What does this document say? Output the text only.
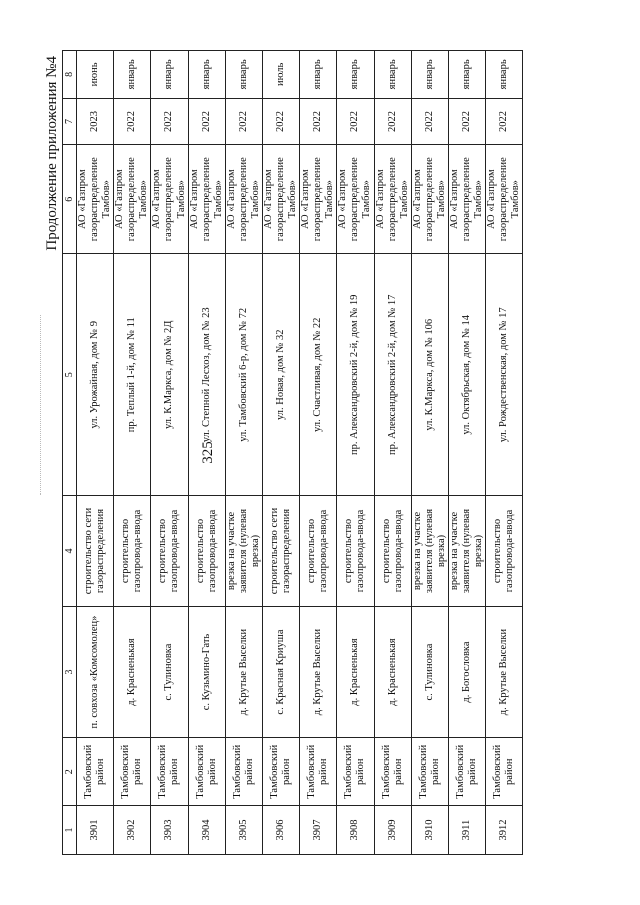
325
Продолжение приложения №4
1	2	3	4	5	6	7	8
3901	Тамбовский район	п. совхоза «Комсомолец»	строительство сети газораспределения	ул. Урожайная, дом № 9	АО «Газпром газораспределение Тамбов»	2023	июнь
3902	Тамбовский район	д. Красненькая	строительство газопровода-ввода	пр. Теплый 1-й, дом № 11	АО «Газпром газораспределение Тамбов»	2022	январь
3903	Тамбовский район	с. Тулиновка	строительство газопровода-ввода	ул. К.Маркса, дом № 2Д	АО «Газпром газораспределение Тамбов»	2022	январь
3904	Тамбовский район	с. Кузьмино-Гать	строительство газопровода-ввода	ул. Степной Лесхоз, дом № 23	АО «Газпром газораспределение Тамбов»	2022	январь
3905	Тамбовский район	д. Крутые Выселки	врезка на участке заявителя (нулевая врезка)	ул. Тамбовский 6-р, дом № 72	АО «Газпром газораспределение Тамбов»	2022	январь
3906	Тамбовский район	с. Красная Криуша	строительство сети газораспределения	ул. Новая, дом № 32	АО «Газпром газораспределение Тамбов»	2022	июль
3907	Тамбовский район	д. Крутые Выселки	строительство газопровода-ввода	ул. Счастливая, дом № 22	АО «Газпром газораспределение Тамбов»	2022	январь
3908	Тамбовский район	д. Красненькая	строительство газопровода-ввода	пр. Александровский 2-й, дом № 19	АО «Газпром газораспределение Тамбов»	2022	январь
3909	Тамбовский район	д. Красненькая	строительство газопровода-ввода	пр. Александровский 2-й, дом № 17	АО «Газпром газораспределение Тамбов»	2022	январь
3910	Тамбовский район	с. Тулиновка	врезка на участке заявителя (нулевая врезка)	ул. К.Маркса, дом № 106	АО «Газпром газораспределение Тамбов»	2022	январь
3911	Тамбовский район	д. Богословка	врезка на участке заявителя (нулевая врезка)	ул. Октябрьская, дом № 14	АО «Газпром газораспределение Тамбов»	2022	январь
3912	Тамбовский район	д. Крутые Выселки	строительство газопровода-ввода	ул. Рождественская, дом № 17	АО «Газпром газораспределение Тамбов»	2022	январь
